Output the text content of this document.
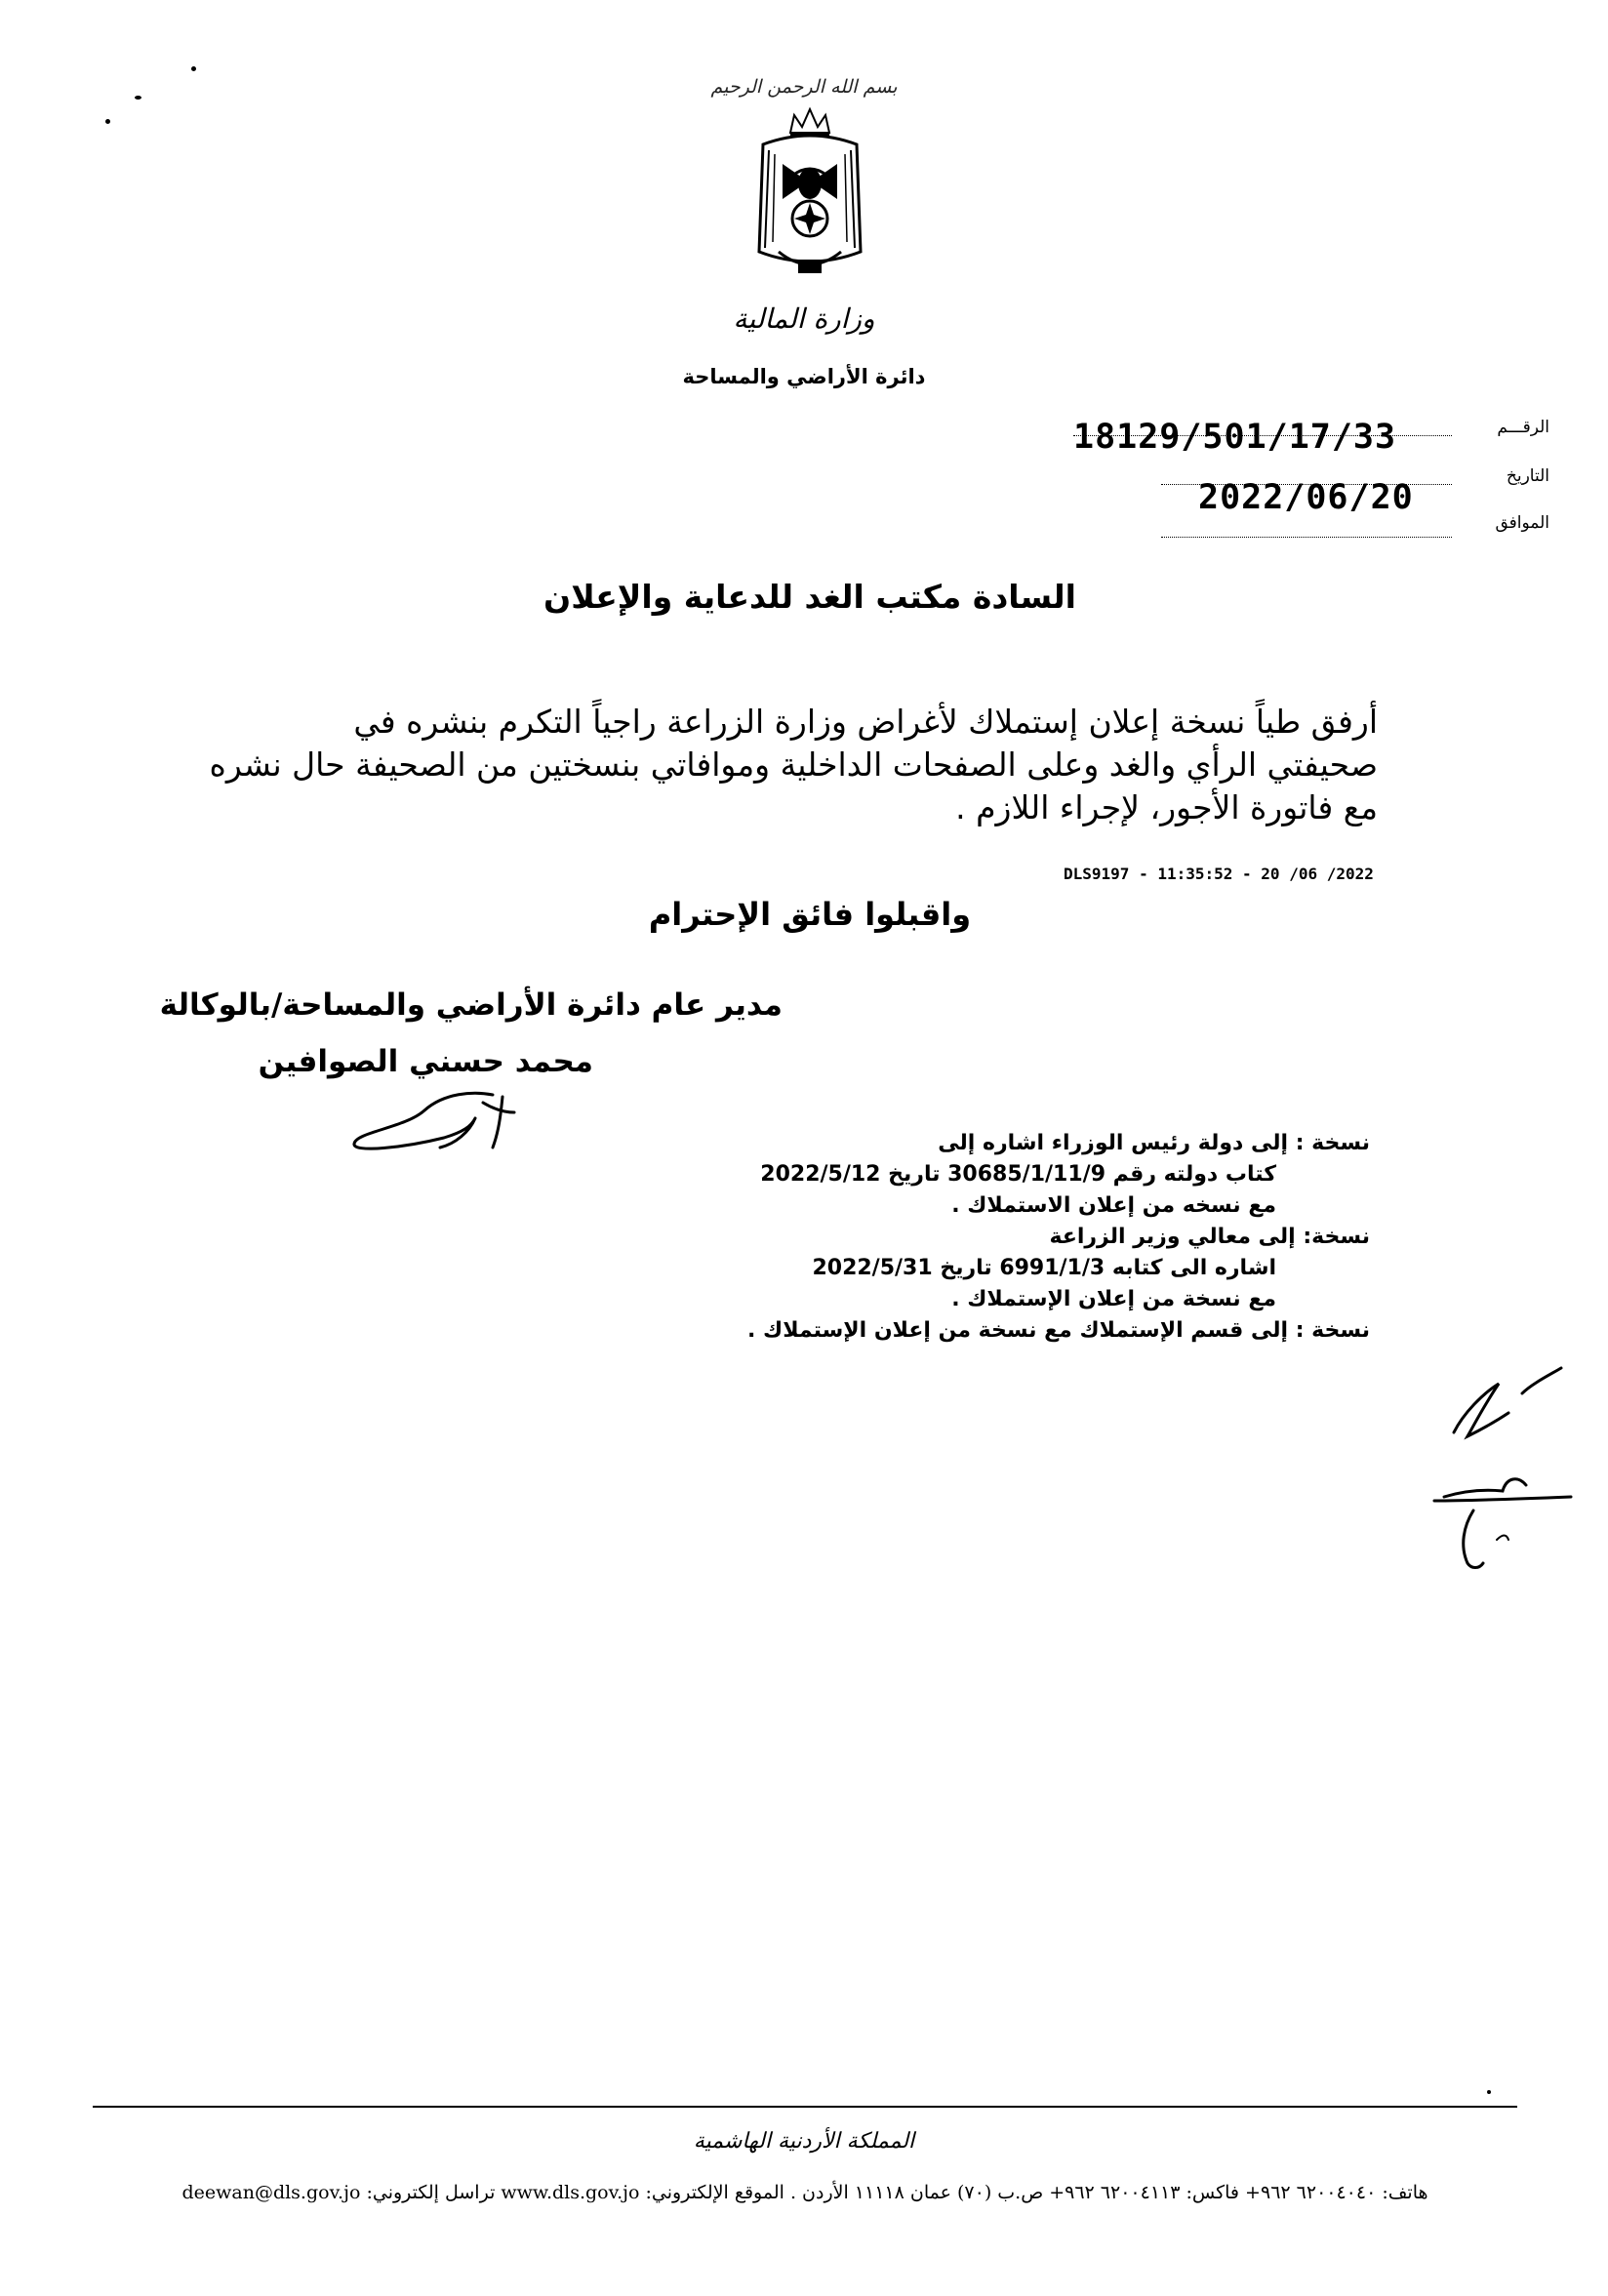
بسم الله الرحمن الرحيم
وزارة المالية
دائرة الأراضي والمساحة
الرقـــم
18129/501/17/33
التاريخ
2022/06/20
الموافق
السادة مكتب الغد للدعاية والإعلان

أرفق طياً نسخة إعلان إستملاك لأغراض وزارة الزراعة راجياً التكرم بنشره في

صحيفتي الرأي والغد وعلى الصفحات الداخلية وموافاتي بنسختين من الصحيفة حال نشره

مع فاتورة الأجور، لإجراء اللازم .

DLS9197 - 11:35:52 - 20 /06 /2022
واقبلوا فائق الإحترام
مدير عام دائرة الأراضي والمساحة/بالوكالة
محمد حسني الصوافين
نسخة : إلى دولة رئيس الوزراء اشاره إلى
كتاب دولته رقم 30685/1/11/9 تاريخ 2022/5/12
مع نسخه من إعلان الاستملاك .
نسخة: إلى معالي وزير الزراعة
اشاره الى كتابه 6991/1/3 تاريخ 2022/5/31
مع نسخة من إعلان الإستملاك .
نسخة : إلى قسم الإستملاك مع نسخة من إعلان الإستملاك .
المملكة الأردنية الهاشمية
هاتف: ٦٢٠٠٤٠٤٠ ٩٦٢+ فاكس: ٦٢٠٠٤١١٣ ٩٦٢+ ص.ب (٧٠) عمان ١١١١٨ الأردن . الموقع الإلكتروني: www.dls.gov.jo تراسل إلكتروني: deewan@dls.gov.jo
